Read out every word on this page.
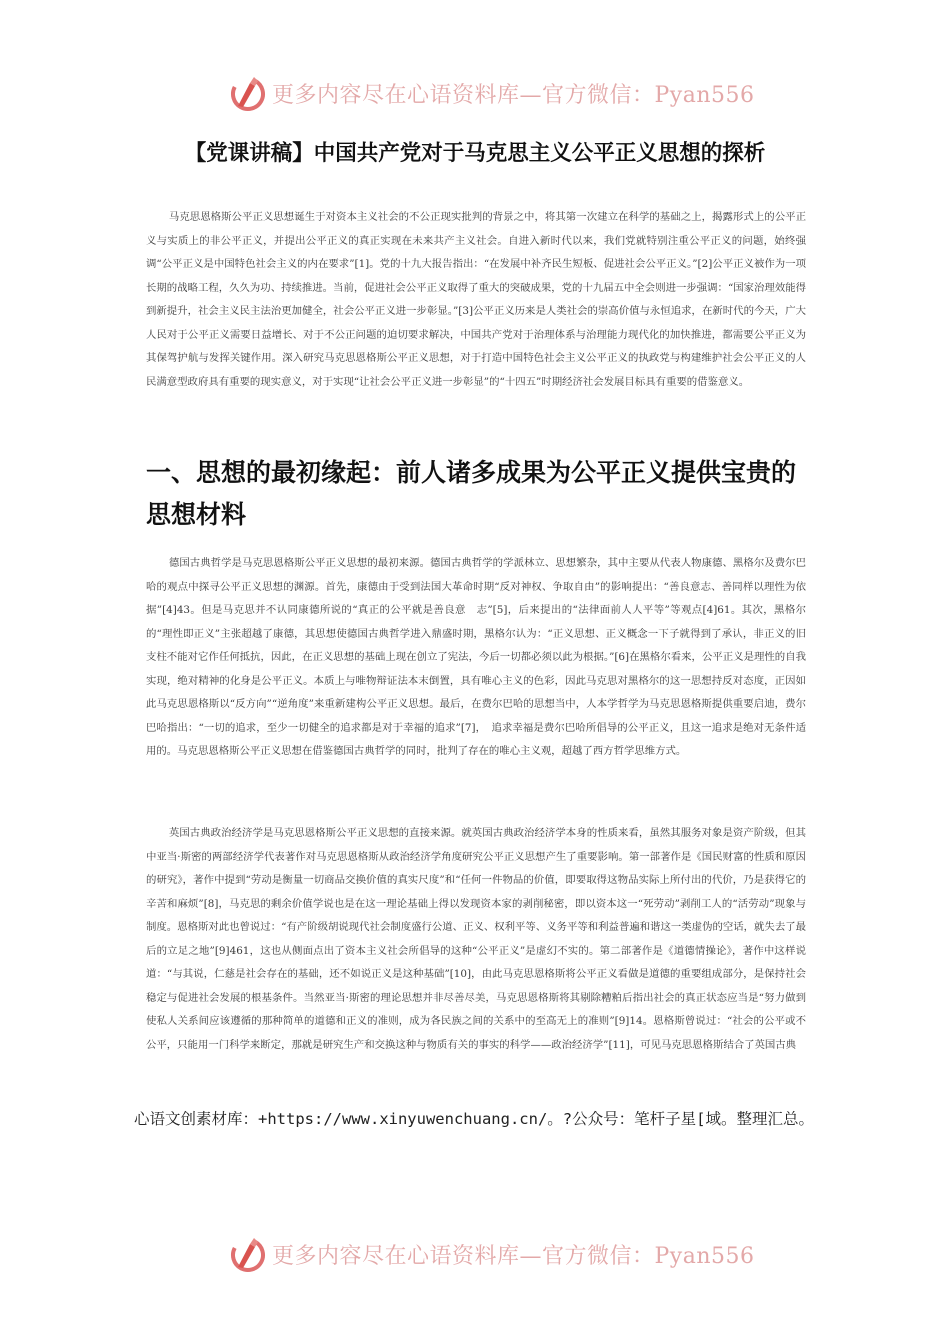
更多内容尽在心语资料库—官方微信：Pyan556
【党课讲稿】中国共产党对于马克思主义公平正义思想的探析

马克思恩格斯公平正义思想诞生于对资本主义社会的不公正现实批判的背景之中，将其第一次建立在科学的基础之上，揭露形式上的公平正义与实质上的非公平正义，并提出公平正义的真正实现在未来共产主义社会。自进入新时代以来，我们党就特别注重公平正义的问题，始终强调“公平正义是中国特色社会主义的内在要求”[1]。党的十九大报告指出：“在发展中补齐民生短板、促进社会公平正义。”[2]公平正义被作为一项长期的战略工程，久久为功、持续推进。当前，促进社会公平正义取得了重大的突破成果，党的十九届五中全会则进一步强调：“国家治理效能得到新提升，社会主义民主法治更加健全，社会公平正义进一步彰显。”[3]公平正义历来是人类社会的崇高价值与永恒追求，在新时代的今天，广大人民对于公平正义需要日益增长、对于不公正问题的迫切要求解决，中国共产党对于治理体系与治理能力现代化的加快推进，都需要公平正义为其保驾护航与发挥关键作用。深入研究马克思恩格斯公平正义思想，对于打造中国特色社会主义公平正义的执政党与构建维护社会公平正义的人民满意型政府具有重要的现实意义，对于实现“让社会公平正义进一步彰显”的“十四五”时期经济社会发展目标具有重要的借鉴意义。

一、思想的最初缘起：前人诸多成果为公平正义提供宝贵的思想材料

德国古典哲学是马克思恩格斯公平正义思想的最初来源。德国古典哲学的学派林立、思想繁杂，其中主要从代表人物康德、黑格尔及费尔巴哈的观点中探寻公平正义思想的渊源。首先，康德由于受到法国大革命时期“反对神权、争取自由”的影响提出：“善良意志、善同样以理性为依据”[4]43。但是马克思并不认同康德所说的“真正的公平就是善良意　志”[5]，后来提出的“法律面前人人平等”等观点[4]61。其次，黑格尔的“理性即正义”主张超越了康德，其思想使德国古典哲学进入鼎盛时期，黑格尔认为：“正义思想、正义概念一下子就得到了承认，非正义的旧支柱不能对它作任何抵抗，因此，在正义思想的基础上现在创立了宪法，今后一切都必须以此为根据。”[6]在黑格尔看来，公平正义是理性的自我实现，绝对精神的化身是公平正义。本质上与唯物辩证法本末倒置，具有唯心主义的色彩，因此马克思对黑格尔的这一思想持反对态度，正因如此马克思恩格斯以“反方向”“逆角度”来重新建构公平正义思想。最后，在费尔巴哈的思想当中，人本学哲学为马克思恩格斯提供重要启迪，费尔巴哈指出：“一切的追求，至少一切健全的追求都是对于幸福的追求”[7]，　追求幸福是费尔巴哈所倡导的公平正义，且这一追求是绝对无条件适用的。马克思恩格斯公平正义思想在借鉴德国古典哲学的同时，批判了存在的唯心主义观，超越了西方哲学思维方式。

英国古典政治经济学是马克思恩格斯公平正义思想的直接来源。就英国古典政治经济学本身的性质来看，虽然其服务对象是资产阶级，但其中亚当·斯密的两部经济学代表著作对马克思恩格斯从政治经济学角度研究公平正义思想产生了重要影响。第一部著作是《国民财富的性质和原因的研究》，著作中提到“劳动是衡量一切商品交换价值的真实尺度”和“任何一件物品的价值，即要取得这物品实际上所付出的代价，乃是获得它的辛苦和麻烦”[8]，马克思的剩余价值学说也是在这一理论基础上得以发现资本家的剥削秘密，即以资本这一“死劳动”剥削工人的“活劳动”现象与制度。恩格斯对此也曾说过：“有产阶级胡说现代社会制度盛行公道、正义、权利平等、义务平等和利益普遍和谐这一类虚伪的空话，就失去了最后的立足之地”[9]461，这也从侧面点出了资本主义社会所倡导的这种“公平正义”是虚幻不实的。第二部著作是《道德情操论》，著作中这样说道：“与其说，仁慈是社会存在的基础，还不如说正义是这种基础”[10]，由此马克思恩格斯将公平正义看做是道德的重要组成部分，是保持社会稳定与促进社会发展的根基条件。当然亚当·斯密的理论思想并非尽善尽美，马克思恩格斯将其剔除糟粕后指出社会的真正状态应当是“努力做到使私人关系间应该遵循的那种简单的道德和正义的准则，成为各民族之间的关系中的至高无上的准则”[9]14。恩格斯曾说过：“社会的公平或不公平，只能用一门科学来断定，那就是研究生产和交换这种与物质有关的事实的科学——政治经济学”[11]，可见马克思恩格斯结合了英国古典

心语文创素材库：+https://www.xinyuwenchuang.cn/。?公众号：笔杆子星[域。整理汇总。

更多内容尽在心语资料库—官方微信：Pyan556
